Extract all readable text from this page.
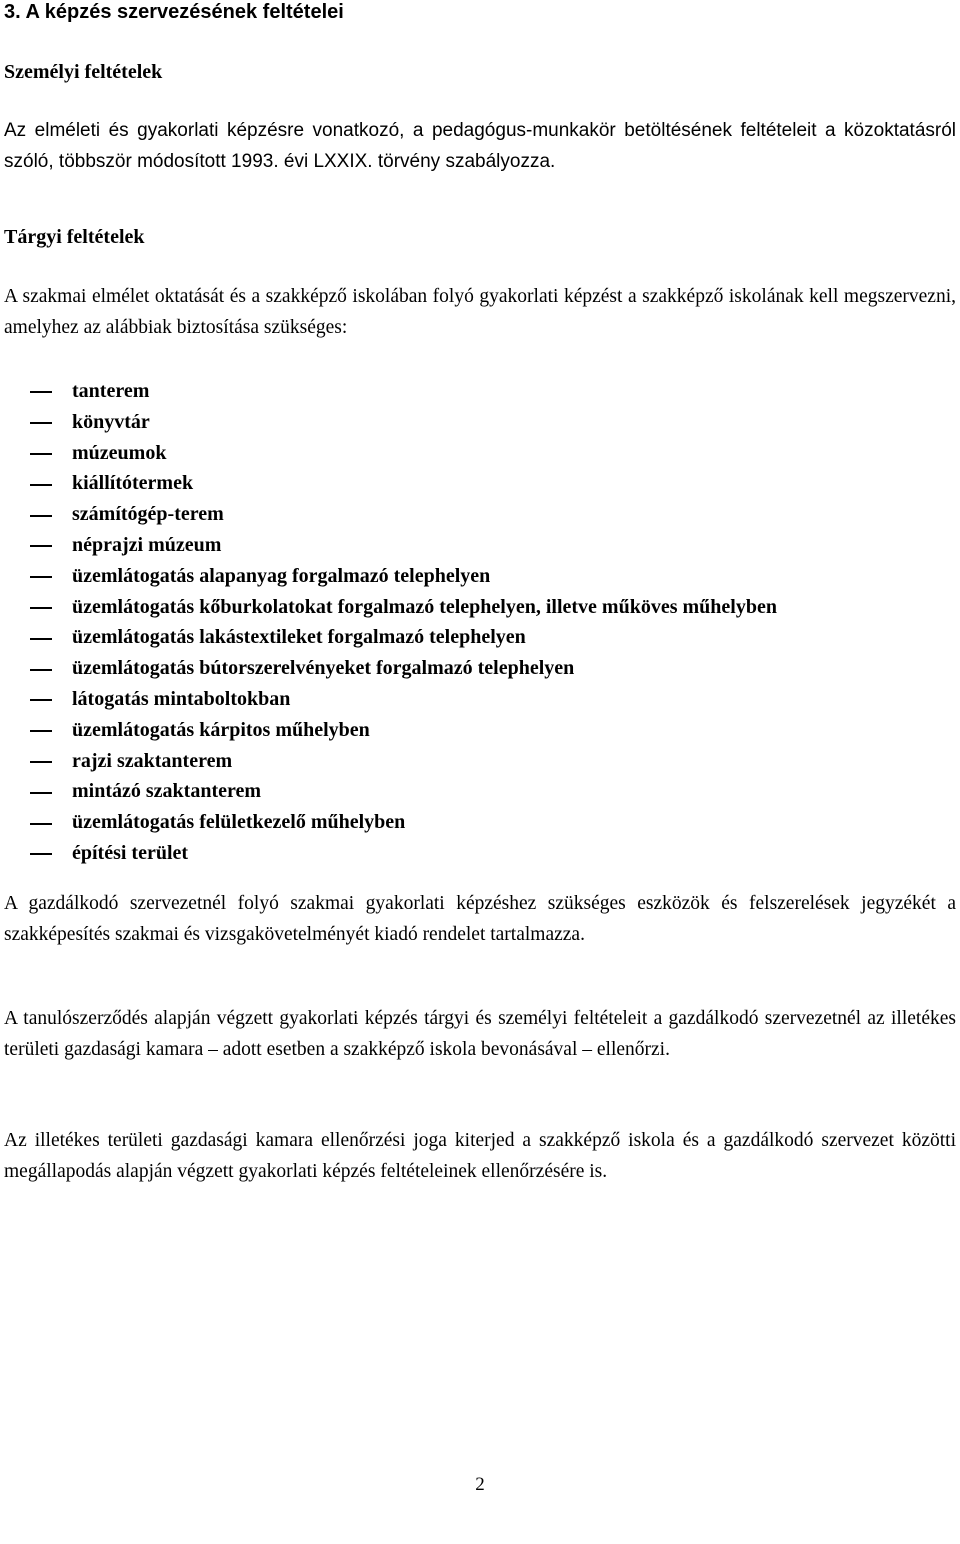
3. A képzés szervezésének feltételei
Személyi feltételek
Az elméleti és gyakorlati képzésre vonatkozó, a pedagógus-munkakör betöltésének feltételeit a közoktatásról szóló, többször módosított 1993. évi LXXIX. törvény szabályozza.
Tárgyi feltételek
A szakmai elmélet oktatását és a szakképző iskolában folyó gyakorlati képzést a szakképző iskolának kell megszervezni, amelyhez az alábbiak biztosítása szükséges:
tanterem
könyvtár
múzeumok
kiállítótermek
számítógép-terem
néprajzi múzeum
üzemlátogatás alapanyag forgalmazó telephelyen
üzemlátogatás kőburkolatokat forgalmazó telephelyen, illetve műköves műhelyben
üzemlátogatás lakástextileket forgalmazó telephelyen
üzemlátogatás bútorszerelvényeket forgalmazó telephelyen
látogatás mintaboltokban
üzemlátogatás kárpitos műhelyben
rajzi szaktanterem
mintázó szaktanterem
üzemlátogatás felületkezelő műhelyben
építési terület
A gazdálkodó szervezetnél folyó szakmai gyakorlati képzéshez szükséges eszközök és felszerelések jegyzékét a szakképesítés szakmai és vizsgakövetelményét kiadó rendelet tartalmazza.
A tanulószerződés alapján végzett gyakorlati képzés tárgyi és személyi feltételeit a gazdálkodó szervezetnél az illetékes területi gazdasági kamara – adott esetben a szakképző iskola bevonásával – ellenőrzi.
Az illetékes területi gazdasági kamara ellenőrzési joga kiterjed a szakképző iskola és a gazdálkodó szervezet közötti megállapodás alapján végzett gyakorlati képzés feltételeinek ellenőrzésére is.
2
